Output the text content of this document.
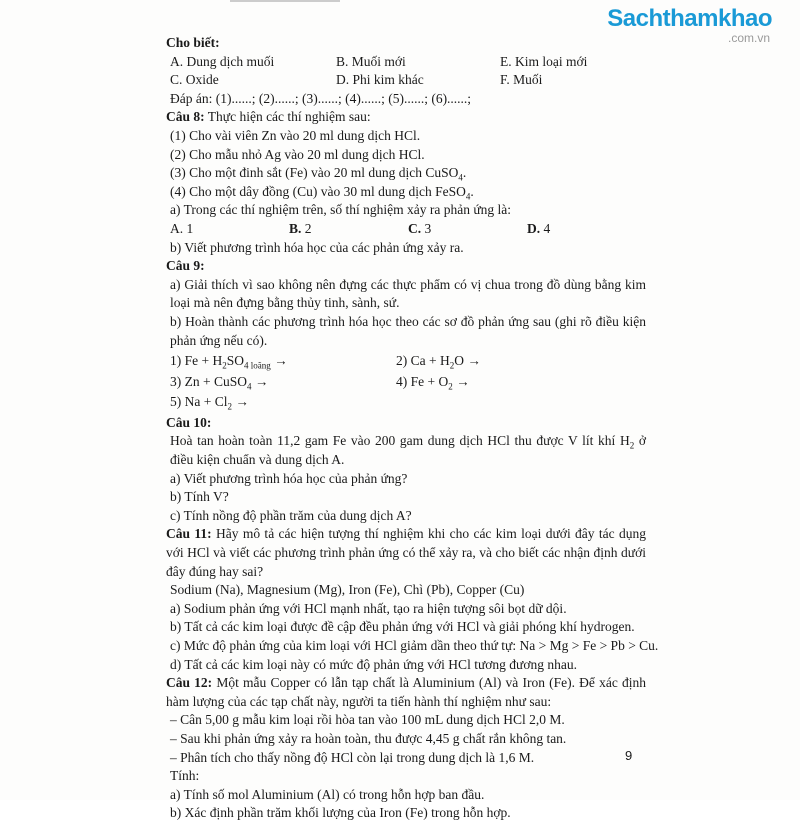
Sachthamkhao
.com.vn
Cho biết:
A. Dung dịch muối	B. Muối mới	E. Kim loại mới
C. Oxide	D. Phi kim khác	F. Muối
Đáp án: (1)......; (2)......; (3)......; (4)......; (5)......; (6)......;
Câu 8: Thực hiện các thí nghiệm sau:
(1) Cho vài viên Zn vào 20 ml dung dịch HCl.
(2) Cho mẫu nhỏ Ag vào 20 ml dung dịch HCl.
(3) Cho một đinh sắt (Fe) vào 20 ml dung dịch CuSO$_4$.
(4) Cho một dây đồng (Cu) vào 30 ml dung dịch FeSO$_4$.
a) Trong các thí nghiệm trên, số thí nghiệm xảy ra phản ứng là:
A. 1	B. 2	C. 3	D. 4
b) Viết phương trình hóa học của các phản ứng xảy ra.
Câu 9:
a) Giải thích vì sao không nên đựng các thực phẩm có vị chua trong đồ dùng bằng kim loại mà nên đựng bằng thủy tinh, sành, sứ.
b) Hoàn thành các phương trình hóa học theo các sơ đồ phản ứng sau (ghi rõ điều kiện phản ứng nếu có).
1) $Fe + H_2SO_{4 loãng}$ →	2) $Ca + H_2O$ →
3) Zn + CuSO$_4$ →	4) $Fe + O_2$ →
5) $Na + Cl_2$ →
Câu 10:
Hoà tan hoàn toàn 11,2 gam Fe vào 200 gam dung dịch HCl thu được V lít khí $H_2$ ở điều kiện chuẩn và dung dịch A.
a) Viết phương trình hóa học của phản ứng?
b) Tính V?
c) Tính nồng độ phần trăm của dung dịch A?
Câu 11: Hãy mô tả các hiện tượng thí nghiệm khi cho các kim loại dưới đây tác dụng với HCl và viết các phương trình phản ứng có thể xảy ra, và cho biết các nhận định dưới đây đúng hay sai?
Sodium (Na), Magnesium (Mg), Iron (Fe), Chì (Pb), Copper (Cu)
a) Sodium phản ứng với HCl mạnh nhất, tạo ra hiện tượng sôi bọt dữ dội.
b) Tất cả các kim loại được đề cập đều phản ứng với HCl và giải phóng khí hydrogen.
c) Mức độ phản ứng của kim loại với HCl giảm dần theo thứ tự: Na > Mg > Fe > Pb > Cu.
d) Tất cả các kim loại này có mức độ phản ứng với HCl tương đương nhau.
Câu 12: Một mẫu Copper có lẫn tạp chất là Aluminium (Al) và Iron (Fe). Để xác định hàm lượng của các tạp chất này, người ta tiến hành thí nghiệm như sau:
– Cân 5,00 g mẫu kim loại rồi hòa tan vào 100 mL dung dịch HCl 2,0 M.
– Sau khi phản ứng xảy ra hoàn toàn, thu được 4,45 g chất rắn không tan.
– Phân tích cho thấy nồng độ HCl còn lại trong dung dịch là 1,6 M.
Tính:
a) Tính số mol Aluminium (Al) có trong hỗn hợp ban đầu.
b) Xác định phần trăm khối lượng của Iron (Fe) trong hỗn hợp.
9
